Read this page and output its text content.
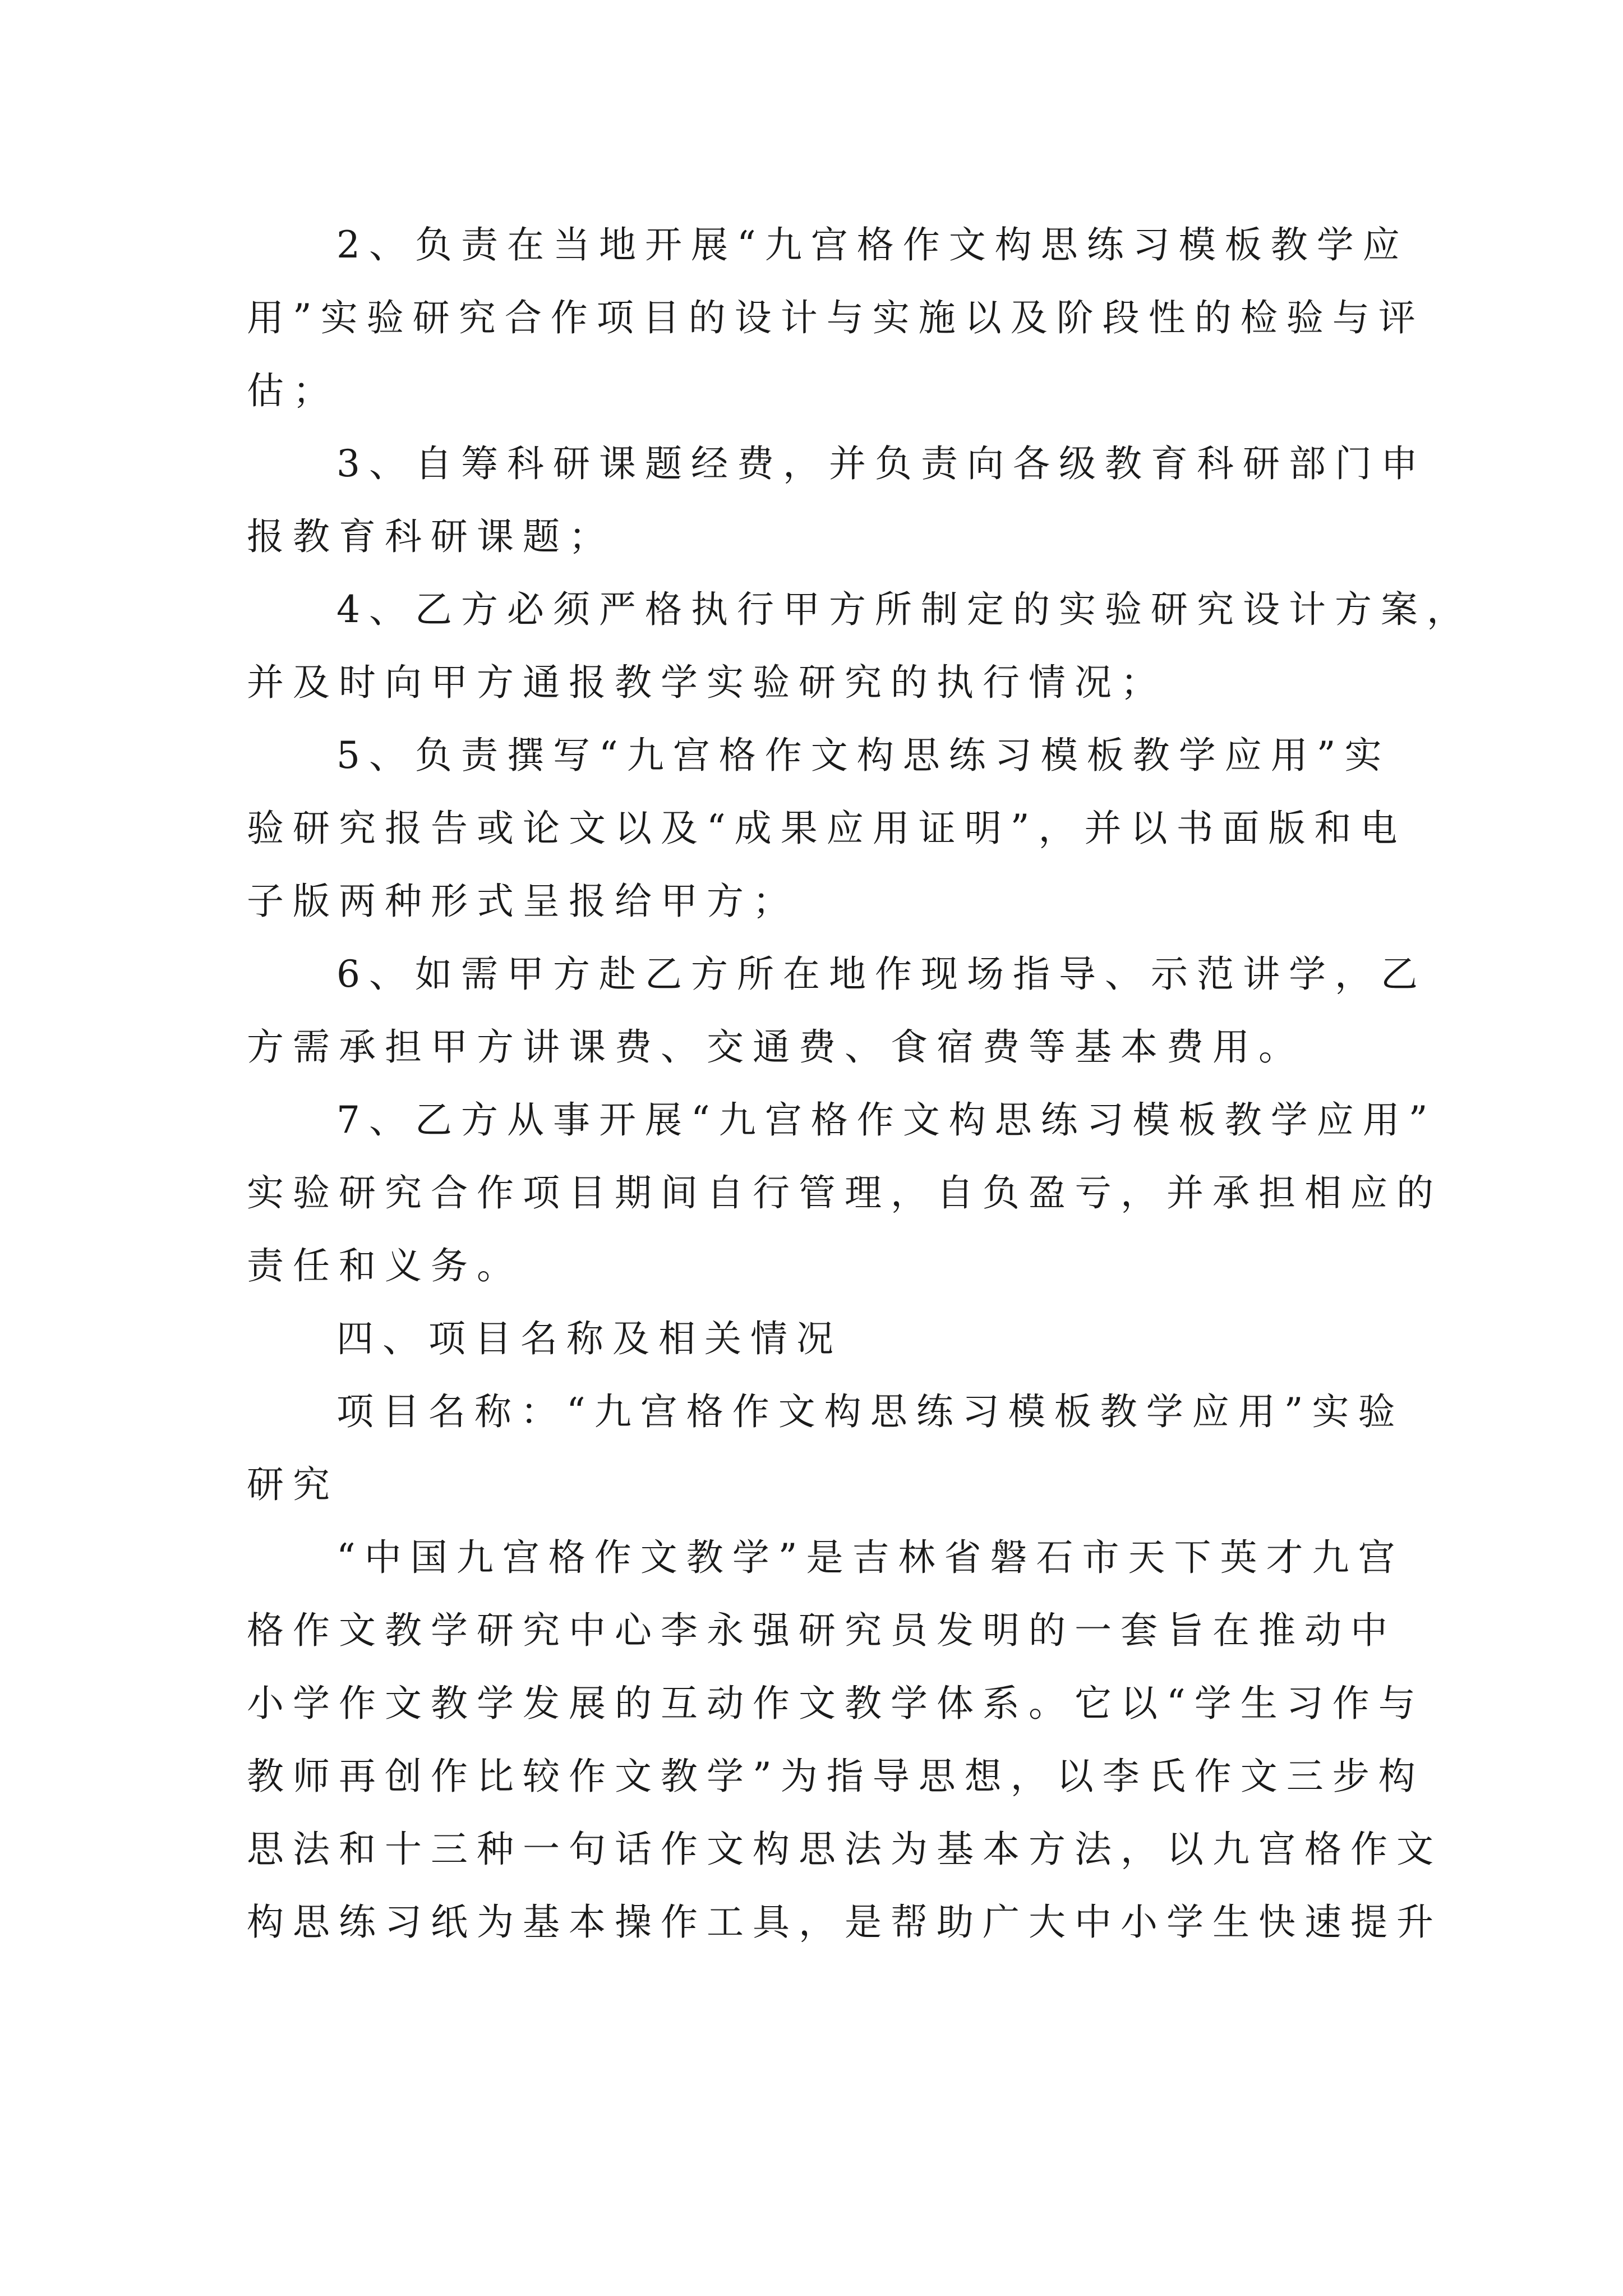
2、负责在当地开展“九宫格作文构思练习模板教学应
用”实验研究合作项目的设计与实施以及阶段性的检验与评
估；
3、自筹科研课题经费，并负责向各级教育科研部门申
报教育科研课题；
4、乙方必须严格执行甲方所制定的实验研究设计方案，
并及时向甲方通报教学实验研究的执行情况；
5、负责撰写“九宫格作文构思练习模板教学应用”实
验研究报告或论文以及“成果应用证明”，并以书面版和电
子版两种形式呈报给甲方；
6、如需甲方赴乙方所在地作现场指导、示范讲学，乙
方需承担甲方讲课费、交通费、食宿费等基本费用。
7、乙方从事开展“九宫格作文构思练习模板教学应用”
实验研究合作项目期间自行管理，自负盈亏，并承担相应的
责任和义务。
四、项目名称及相关情况
项目名称：“九宫格作文构思练习模板教学应用”实验
研究
“中国九宫格作文教学”是吉林省磐石市天下英才九宫
格作文教学研究中心李永强研究员发明的一套旨在推动中
小学作文教学发展的互动作文教学体系。它以“学生习作与
教师再创作比较作文教学”为指导思想，以李氏作文三步构
思法和十三种一句话作文构思法为基本方法，以九宫格作文
构思练习纸为基本操作工具，是帮助广大中小学生快速提升
